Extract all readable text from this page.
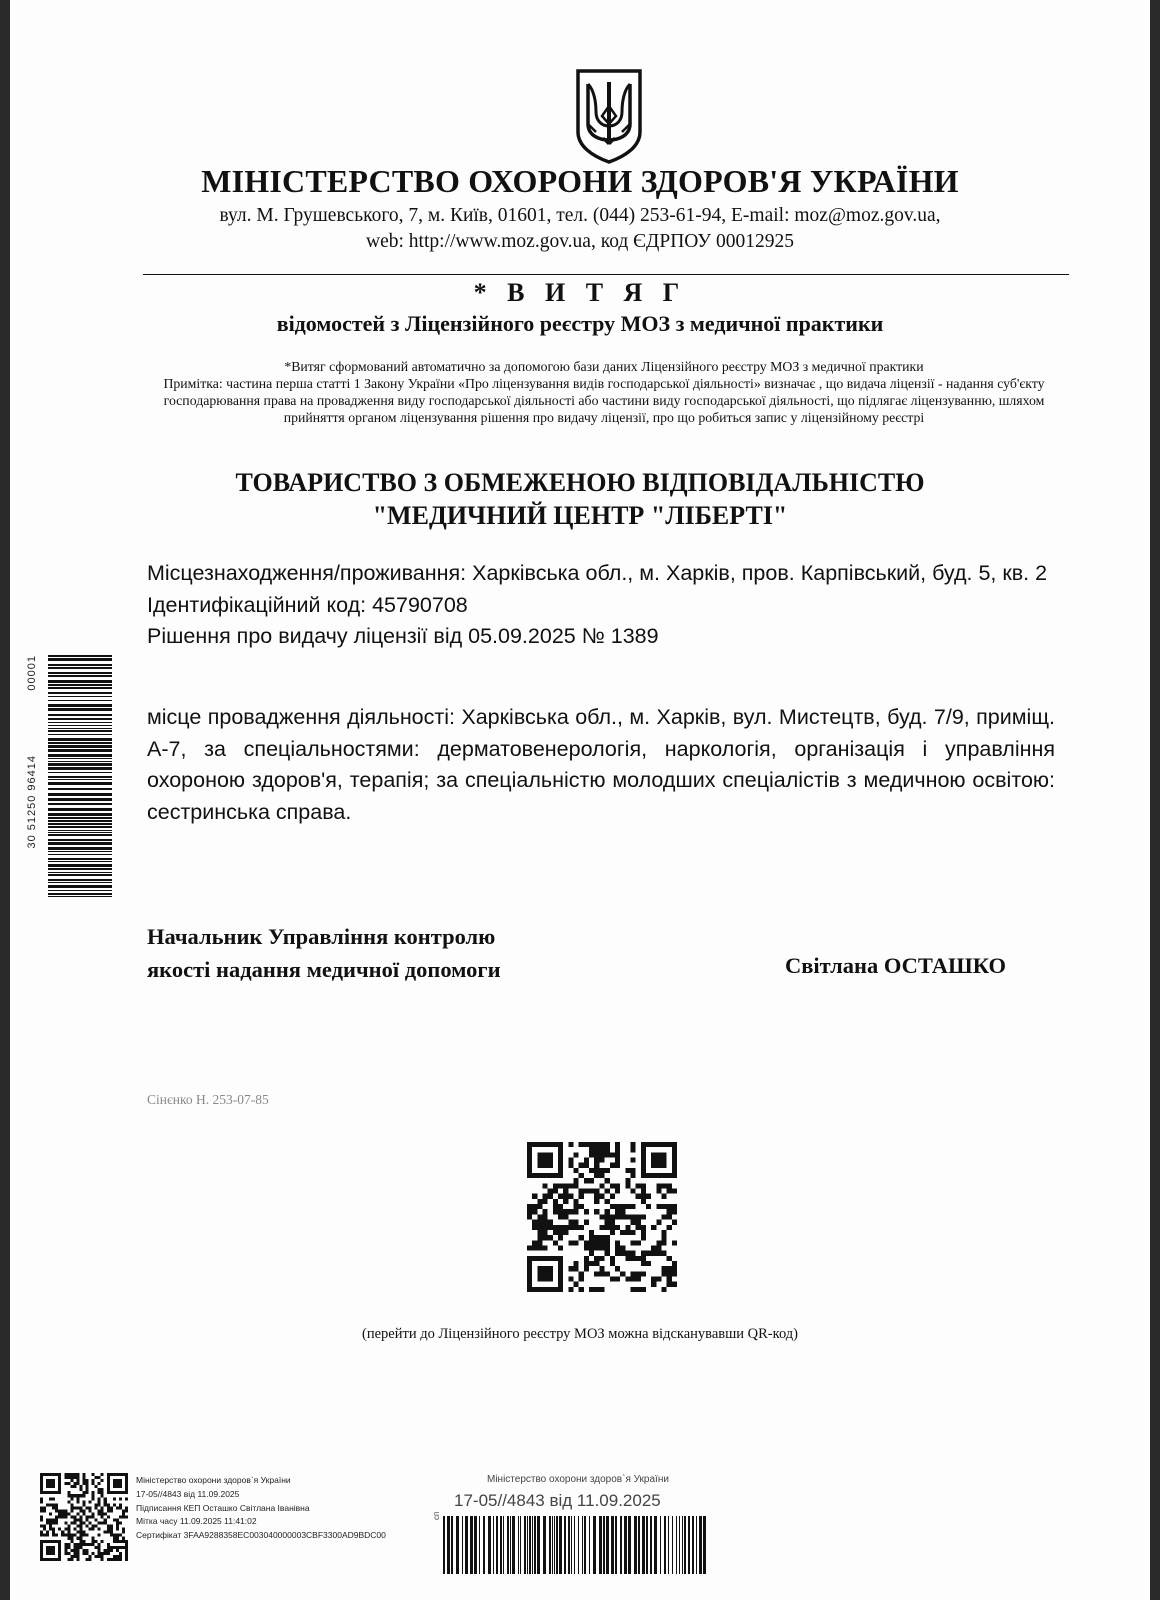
МІНІСТЕРСТВО ОХОРОНИ ЗДОРОВ'Я УКРАЇНИ
вул. М. Грушевського, 7, м. Київ, 01601, тел. (044) 253-61-94, E-mail: moz@moz.gov.ua,
web: http://www.moz.gov.ua, код ЄДРПОУ 00012925
* В И Т Я Г
відомостей з Ліцензійного реєстру МОЗ з медичної практики
*Витяг сформований автоматично за допомогою бази даних Ліцензійного реєстру МОЗ з медичної практики
Примітка: частина перша статті 1 Закону України «Про ліцензування видів господарської діяльності» визначає , що видача ліцензії - надання суб'єкту господарювання права на провадження виду господарської діяльності або частини виду господарської діяльності, що підлягає ліцензуванню, шляхом прийняття органом ліцензування рішення про видачу ліцензії, про що робиться запис у ліцензійному реєстрі
ТОВАРИСТВО З ОБМЕЖЕНОЮ ВІДПОВІДАЛЬНІСТЮ
"МЕДИЧНИЙ ЦЕНТР "ЛІБЕРТІ"

Місцезнаходження/проживання: Харківська обл., м. Харків, пров. Карпівський, буд. 5, кв. 2

Ідентифікаційний код: 45790708

Рішення про видачу ліцензії від 05.09.2025 № 1389

місце провадження діяльності: Харківська обл., м. Харків, вул. Мистецтв, буд. 7/9, приміщ. А-7, за спеціальностями: дерматовенерологія, наркологія, організація і управління охороною здоров'я, терапія; за спеціальністю молодших спеціалістів з медичною освітою: сестринська справа.
Начальник Управління контролю
якості надання медичної допомоги	Світлана ОСТАШКО
Сінєнко Н. 253-07-85
(перейти до Ліцензійного реєстру МОЗ можна відсканувавши QR-код)
30 51250 96414
00001

Міністерство охорони здоров`я України

17-05//4843 від 11.09.2025

Підписання КЕП Осташко Світлана Іванівна

Мітка часу 11.09.2025 11:41:02

Сертифікат 3FAA9288358EC003040000003CBF3300AD9BDC00

Міністерство охорони здоров`я України
17-05//4843 від 11.09.2025
сп
